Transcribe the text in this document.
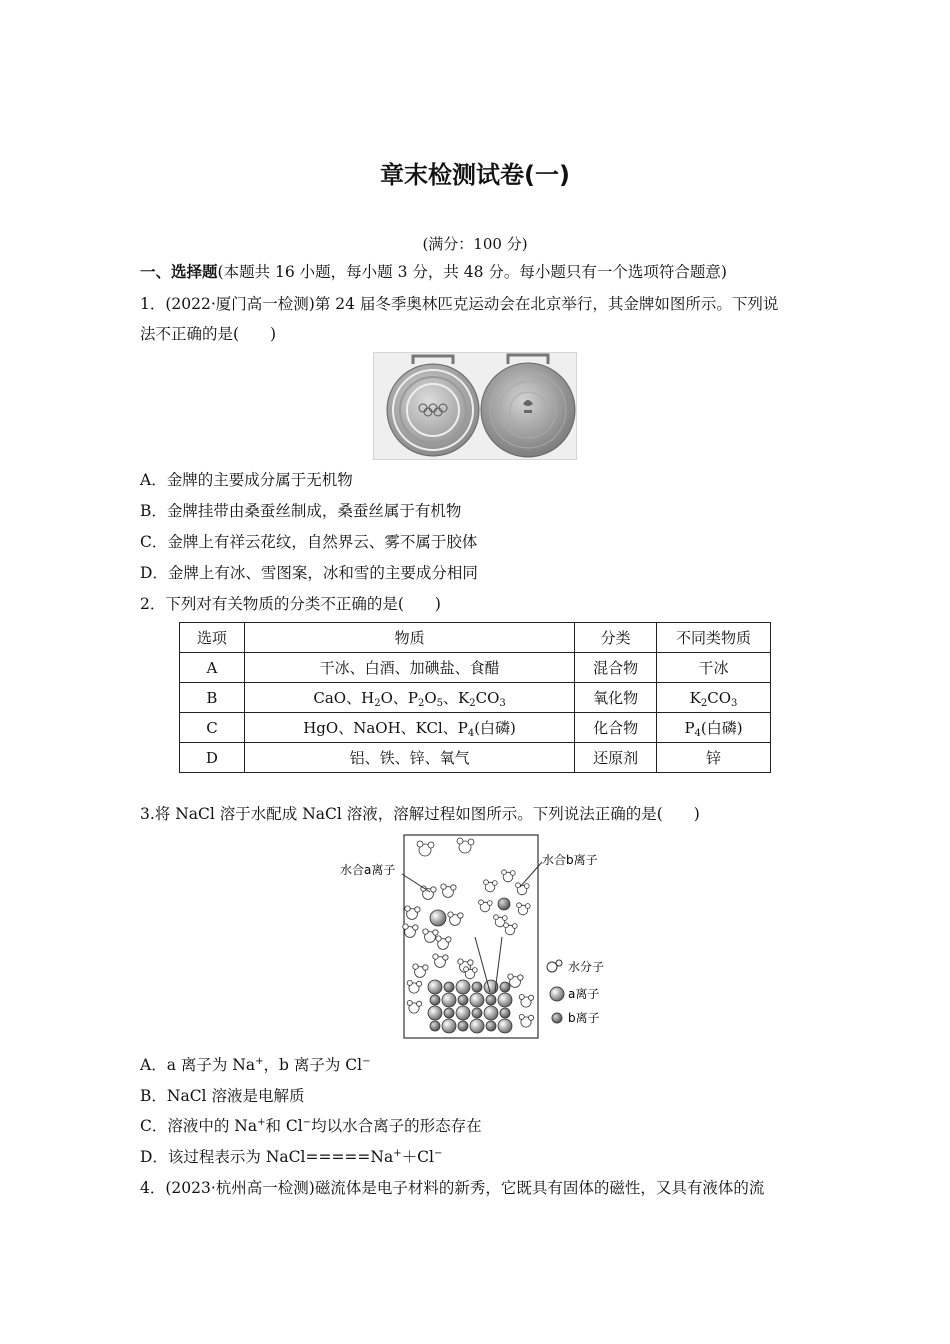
章末检测试卷(一)
(满分：100 分)
一、选择题(本题共 16 小题，每小题 3 分，共 48 分。每小题只有一个选项符合题意)
1．(2022·厦门高一检测)第 24 届冬季奥林匹克运动会在北京举行，其金牌如图所示。下列说
法不正确的是(　　)
A．金牌的主要成分属于无机物
B．金牌挂带由桑蚕丝制成，桑蚕丝属于有机物
C．金牌上有祥云花纹，自然界云、雾不属于胶体
D．金牌上有冰、雪图案，冰和雪的主要成分相同
2．下列对有关物质的分类不正确的是(　　)
选项	物质	分类	不同类物质
A	干冰、白酒、加碘盐、食醋	混合物	干冰
B	CaO、$H_2O$、$P_2O_5$、$K_2CO_3$	氧化物	$K_2CO_3$
C	HgO、NaOH、KCl、$P_4$(白磷)	化合物	$P_4$(白磷)
D	铝、铁、锌、氧气	还原剂	锌
3.将 NaCl 溶于水配成 NaCl 溶液，溶解过程如图所示。下列说法正确的是(　　)
水合a离子
水合b离子
水分子
a离子
b离子
A．a 离子为 Na+，b 离子为 Cl−
B．NaCl 溶液是电解质
C．溶液中的 Na+和 Cl−均以水合离子的形态存在
D．该过程表示为 NaCl=====Na+＋Cl−
4．(2023·杭州高一检测)磁流体是电子材料的新秀，它既具有固体的磁性，又具有液体的流
